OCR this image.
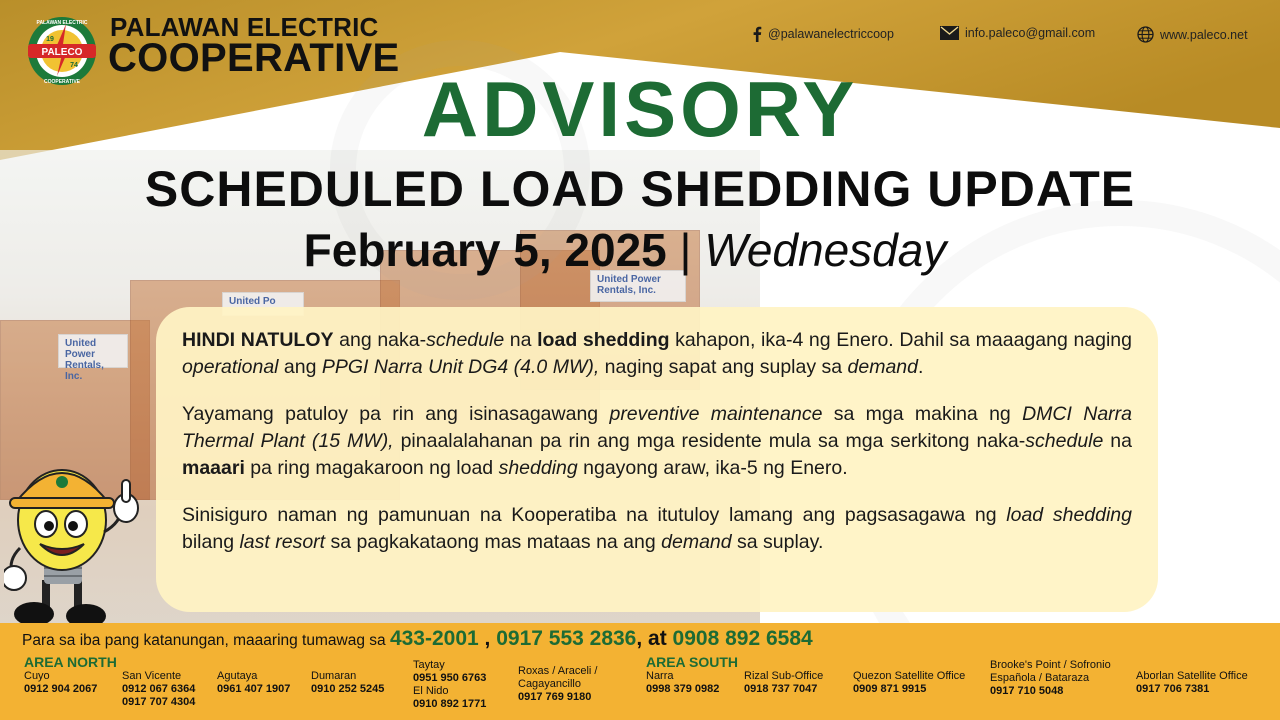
United Power Rentals, Inc.
United Po
United Power Rentals, Inc.
PALECO
PALAWAN ELECTRIC
COOPERATIVE
19
74
PALAWAN ELECTRIC
COOPERATIVE
@palawanelectriccoop	info.paleco@gmail.com	www.paleco.net
ADVISORY
SCHEDULED LOAD SHEDDING UPDATE
February 5, 2025 | Wednesday

HINDI NATULOY ang naka-schedule na load shedding kahapon, ika-4 ng Enero. Dahil sa maaagang naging operational ang PPGI Narra Unit DG4 (4.0 MW), naging sapat ang suplay sa demand.

Yayamang patuloy pa rin ang isinasagawang preventive maintenance sa mga makina ng DMCI Narra Thermal Plant (15 MW), pinaalalahanan pa rin ang mga residente mula sa mga serkitong naka-schedule na maaari pa ring magakaroon ng load shedding ngayong araw, ika-5 ng Enero.

Sinisiguro naman ng pamunuan na Kooperatiba na itutuloy lamang ang pagsasagawa ng load shedding bilang last resort sa pagkakataong mas mataas na ang demand sa suplay.

Para sa iba pang katanungan, maaaring tumawag sa 433-2001 , 0917 553 2836, at 0908 892 6584
AREA NORTH	AREA SOUTH
Cuyo
0912 904 2067
San Vicente
0912 067 6364
0917 707 4304
Agutaya
0961 407 1907
Dumaran
0910 252 5245
Taytay
0951 950 6763
El Nido
0910 892 1771
Roxas / Araceli / Cagayancillo
0917 769 9180
Narra
0998 379 0982
Rizal Sub-Office
0918 737 7047
Quezon Satellite Office
0909 871 9915
Brooke's Point / Sofronio Española / Bataraza
0917 710 5048
Aborlan Satellite Office
0917 706 7381
